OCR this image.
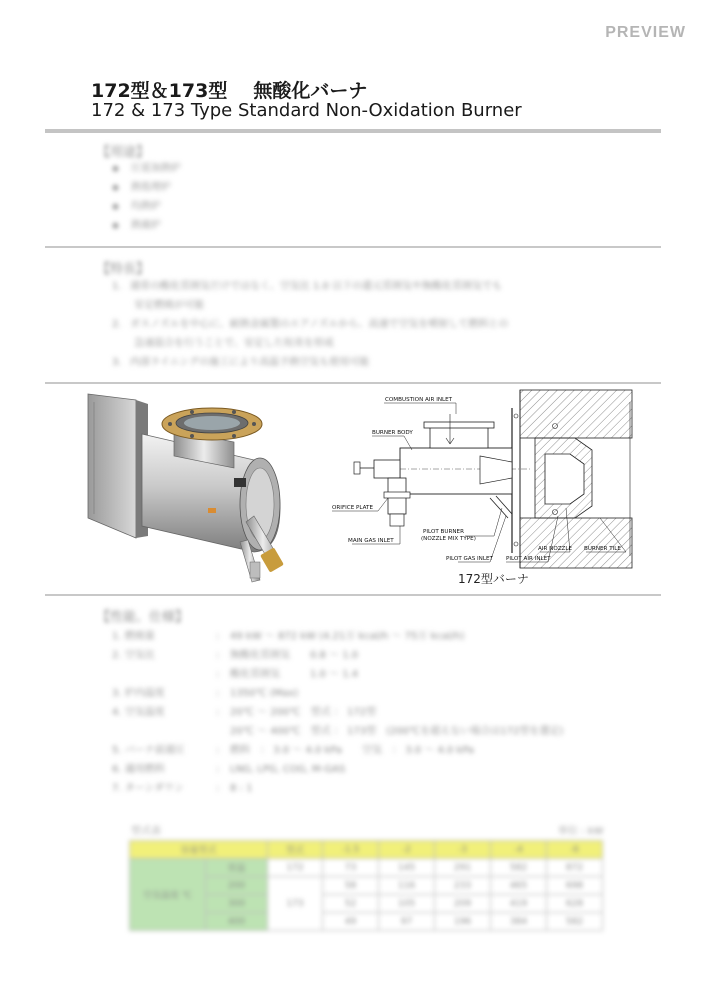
PREVIEW
172型＆173型 無酸化バーナ
172 & 173 Type Standard Non-Oxidation Burner
【用途】
◆ 圧延加熱炉
◆ 熱処理炉
◆ 均熱炉
◆ 熱風炉
【特長】
1. 通常の酸化雰囲気だけではなく、空気比 1.0 以下の還元雰囲気や無酸化雰囲気でも
安定燃焼が可能
2. ガスノズルを中心に、耐熱金属製のエアノズルから、高速で空気を噴射して燃料との
急速混合を行うことで、安定した短炎を形成
3. 内部ライニングの施工により高温予熱空気も使用可能
COMBUSTION AIR INLET
BURNER BODY
ORIFICE PLATE
MAIN GAS INLET
PILOT BURNER
(NOZZLE MIX TYPE)
PILOT GAS INLET PILOT AIR INLET
AIR NOZZLE BURNER TILE
172型バーナ
【性能、仕様】
1. 燃焼量	: 49 kW ～ 872 kW (4.21万 kcal/h ～ 75万 kcal/h)
2. 空気比	: 無酸化雰囲気　　0.8 ～ 1.0
: 酸化雰囲気　　　1.0 ～ 1.4
3. 炉内温度	: 1350℃ (Max)
4. 空気温度	: 20℃ ～ 200℃　型式 ： 172型
20℃ ～ 400℃　型式 ： 173型　(200℃を超えない場合は172型を選定)
5. バーナ前通圧	: 燃料　： 3.0 ～ 4.0 kPa　　空気　： 3.0 ～ 4.0 kPa
6. 適用燃料	: LNG, LPG, COG, M-GAS
7. ターンダウン	: 8 : 1
型式表	単位 : kW
容量型式		型式	-1.5	-2	-3	-4	-6
空気温度 ℃	常温	172	73	145	291	582	872
	200	173	58	116	233	465	698
	300		52	105	209	419	628
	400		49	97	196	384	582
